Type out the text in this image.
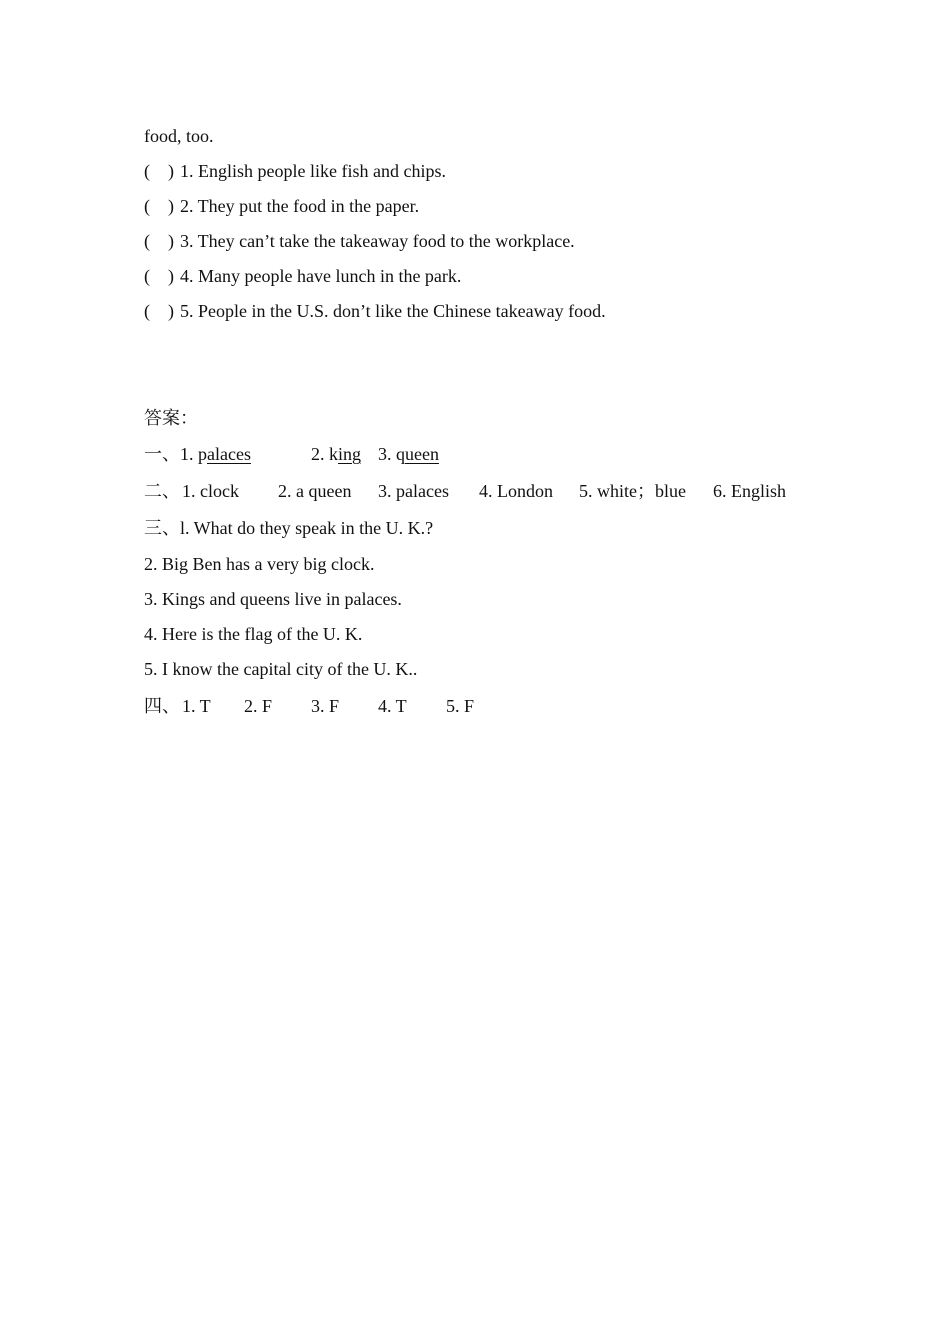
food, too.

(    )

1. English people like fish and chips.

(    )

2. They put the food in the paper.

(    )

3. They can’t take the takeaway food to the workplace.

(    )

4. Many people have lunch in the park.

(    )

5. People in the U.S. don’t like the Chinese takeaway food.

答案：

一、1. palaces

	2. king

3. queen

二、

1. clock

2. a queen

3. palaces

4. London

5. white；blue

6. English

三、l. What do they speak in the U. K.?
2. Big Ben has a very big clock.
3. Kings and queens live in palaces.
4. Here is the flag of the U. K.
5. I know the capital city of the U. K..

四、

1. T

2. F

3. F

4. T

5. F
